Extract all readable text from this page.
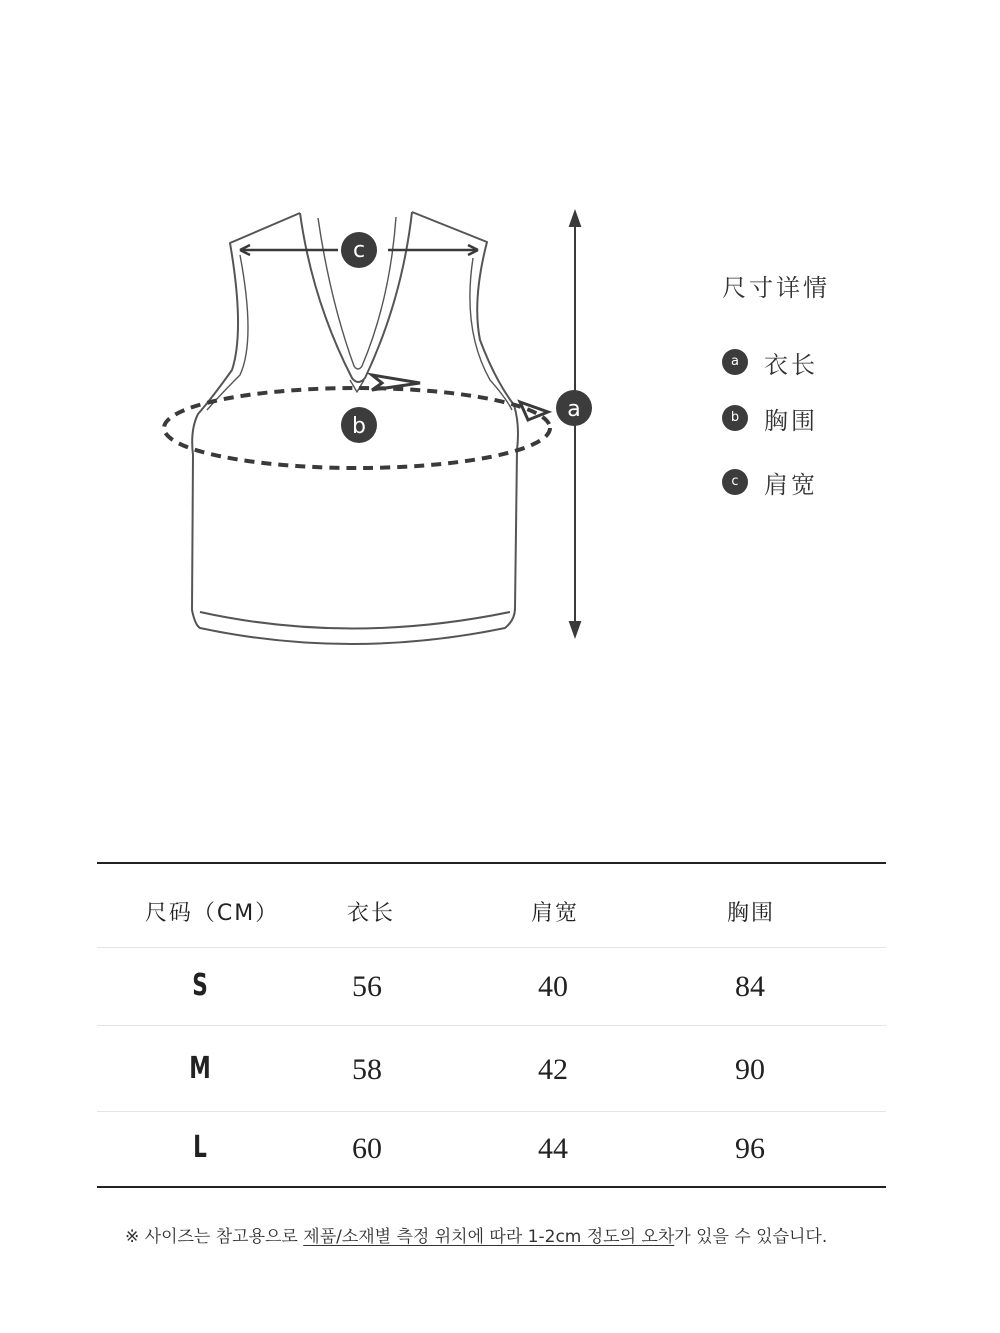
c
b
a
尺寸详情
a	衣长
b	胸围
c	肩宽
尺码（CM）	衣长	肩宽	胸围
S	56	40	84
M	58	42	90
L	60	44	96
※ 사이즈는 참고용으로 제품/소재별 측정 위치에 따라 1-2cm 정도의 오차가 있을 수 있습니다.
